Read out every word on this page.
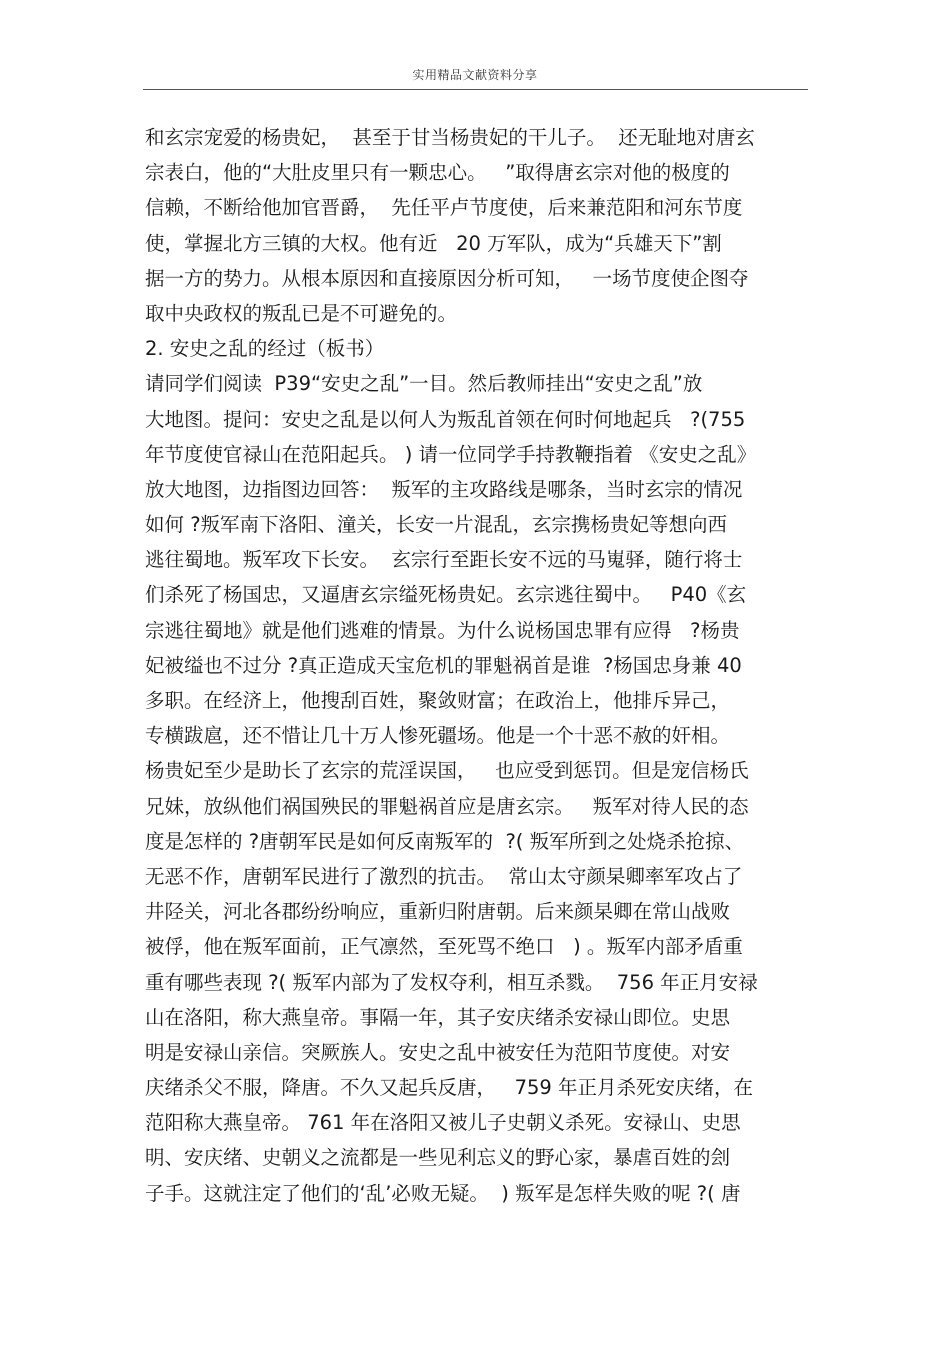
实用精品文献资料分享
和玄宗宠爱的杨贵妃，  甚至于甘当杨贵妃的干儿子。  还无耻地对唐玄
宗表白，他的“大肚皮里只有一颗忠心。   ”取得唐玄宗对他的极度的
信赖，不断给他加官晋爵，  先任平卢节度使，后来兼范阳和河东节度
使，掌握北方三镇的大权。他有近   20 万军队，成为“兵雄天下”割
据一方的势力。从根本原因和直接原因分析可知，   一场节度使企图夺
取中央政权的叛乱已是不可避免的。
2. 安史之乱的经过（板书）
请同学们阅读  P39“安史之乱”一目。然后教师挂出“安史之乱”放
大地图。提问：安史之乱是以何人为叛乱首领在何时何地起兵   ?(755
年节度使官禄山在范阳起兵。 ) 请一位同学手持教鞭指着 《安史之乱》
放大地图，边指图边回答：  叛军的主攻路线是哪条，当时玄宗的情况
如何 ?叛军南下洛阳、潼关，长安一片混乱，玄宗携杨贵妃等想向西
逃往蜀地。叛军攻下长安。  玄宗行至距长安不远的马嵬驿，随行将士
们杀死了杨国忠，又逼唐玄宗缢死杨贵妃。玄宗逃往蜀中。   P40《玄
宗逃往蜀地》就是他们逃难的情景。为什么说杨国忠罪有应得   ?杨贵
妃被缢也不过分 ?真正造成天宝危机的罪魁祸首是谁  ?杨国忠身兼 40
多职。在经济上，他搜刮百姓，聚敛财富；在政治上，他排斥异己，
专横跋扈，还不惜让几十万人惨死疆场。他是一个十恶不赦的奸相。
杨贵妃至少是助长了玄宗的荒淫误国，   也应受到惩罚。但是宠信杨氏
兄妹，放纵他们祸国殃民的罪魁祸首应是唐玄宗。   叛军对待人民的态
度是怎样的 ?唐朝军民是如何反南叛军的  ?( 叛军所到之处烧杀抢掠、
无恶不作，唐朝军民进行了激烈的抗击。  常山太守颜杲卿率军攻占了
井陉关，河北各郡纷纷响应，重新归附唐朝。后来颜杲卿在常山战败
被俘，他在叛军面前，正气凛然，至死骂不绝口   ) 。叛军内部矛盾重
重有哪些表现 ?( 叛军内部为了发权夺利，相互杀戮。  756 年正月安禄
山在洛阳，称大燕皇帝。事隔一年，其子安庆绪杀安禄山即位。史思
明是安禄山亲信。突厥族人。安史之乱中被安任为范阳节度使。对安
庆绪杀父不服，降唐。不久又起兵反唐，   759 年正月杀死安庆绪，在
范阳称大燕皇帝。 761 年在洛阳又被儿子史朝义杀死。安禄山、史思
明、安庆绪、史朝义之流都是一些见利忘义的野心家，暴虐百姓的刽
子手。这就注定了他们的‘乱’必败无疑。  ) 叛军是怎样失败的呢 ?( 唐
